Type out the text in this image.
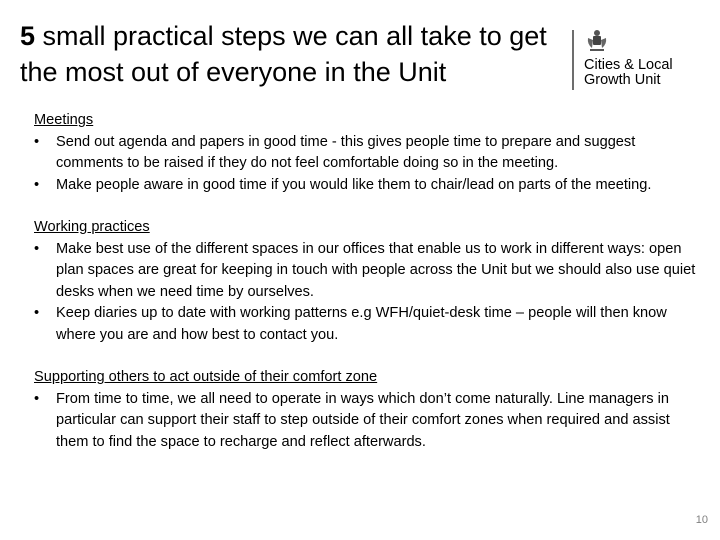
5 small practical steps we can all take to get the most out of everyone in the Unit	Cities & Local
Growth Unit
Meetings
• Send out agenda and papers in good time - this gives people time to prepare and suggest comments to be raised if they do not feel comfortable doing so in the meeting.
• Make people aware in good time if you would like them to chair/lead on parts of the meeting.
Working practices
• Make best use of the different spaces in our offices that enable us to work in different ways: open plan spaces are great for keeping in touch with people across the Unit but we should also use quiet desks when we need time by ourselves.
• Keep diaries up to date with working patterns e.g WFH/quiet-desk time – people will then know where you are and how best to contact you.
Supporting others to act outside of their comfort zone
• From time to time, we all need to operate in ways which don’t come naturally. Line managers in particular can support their staff to step outside of their comfort zones when required and assist them to find the space to recharge and reflect afterwards.
10
